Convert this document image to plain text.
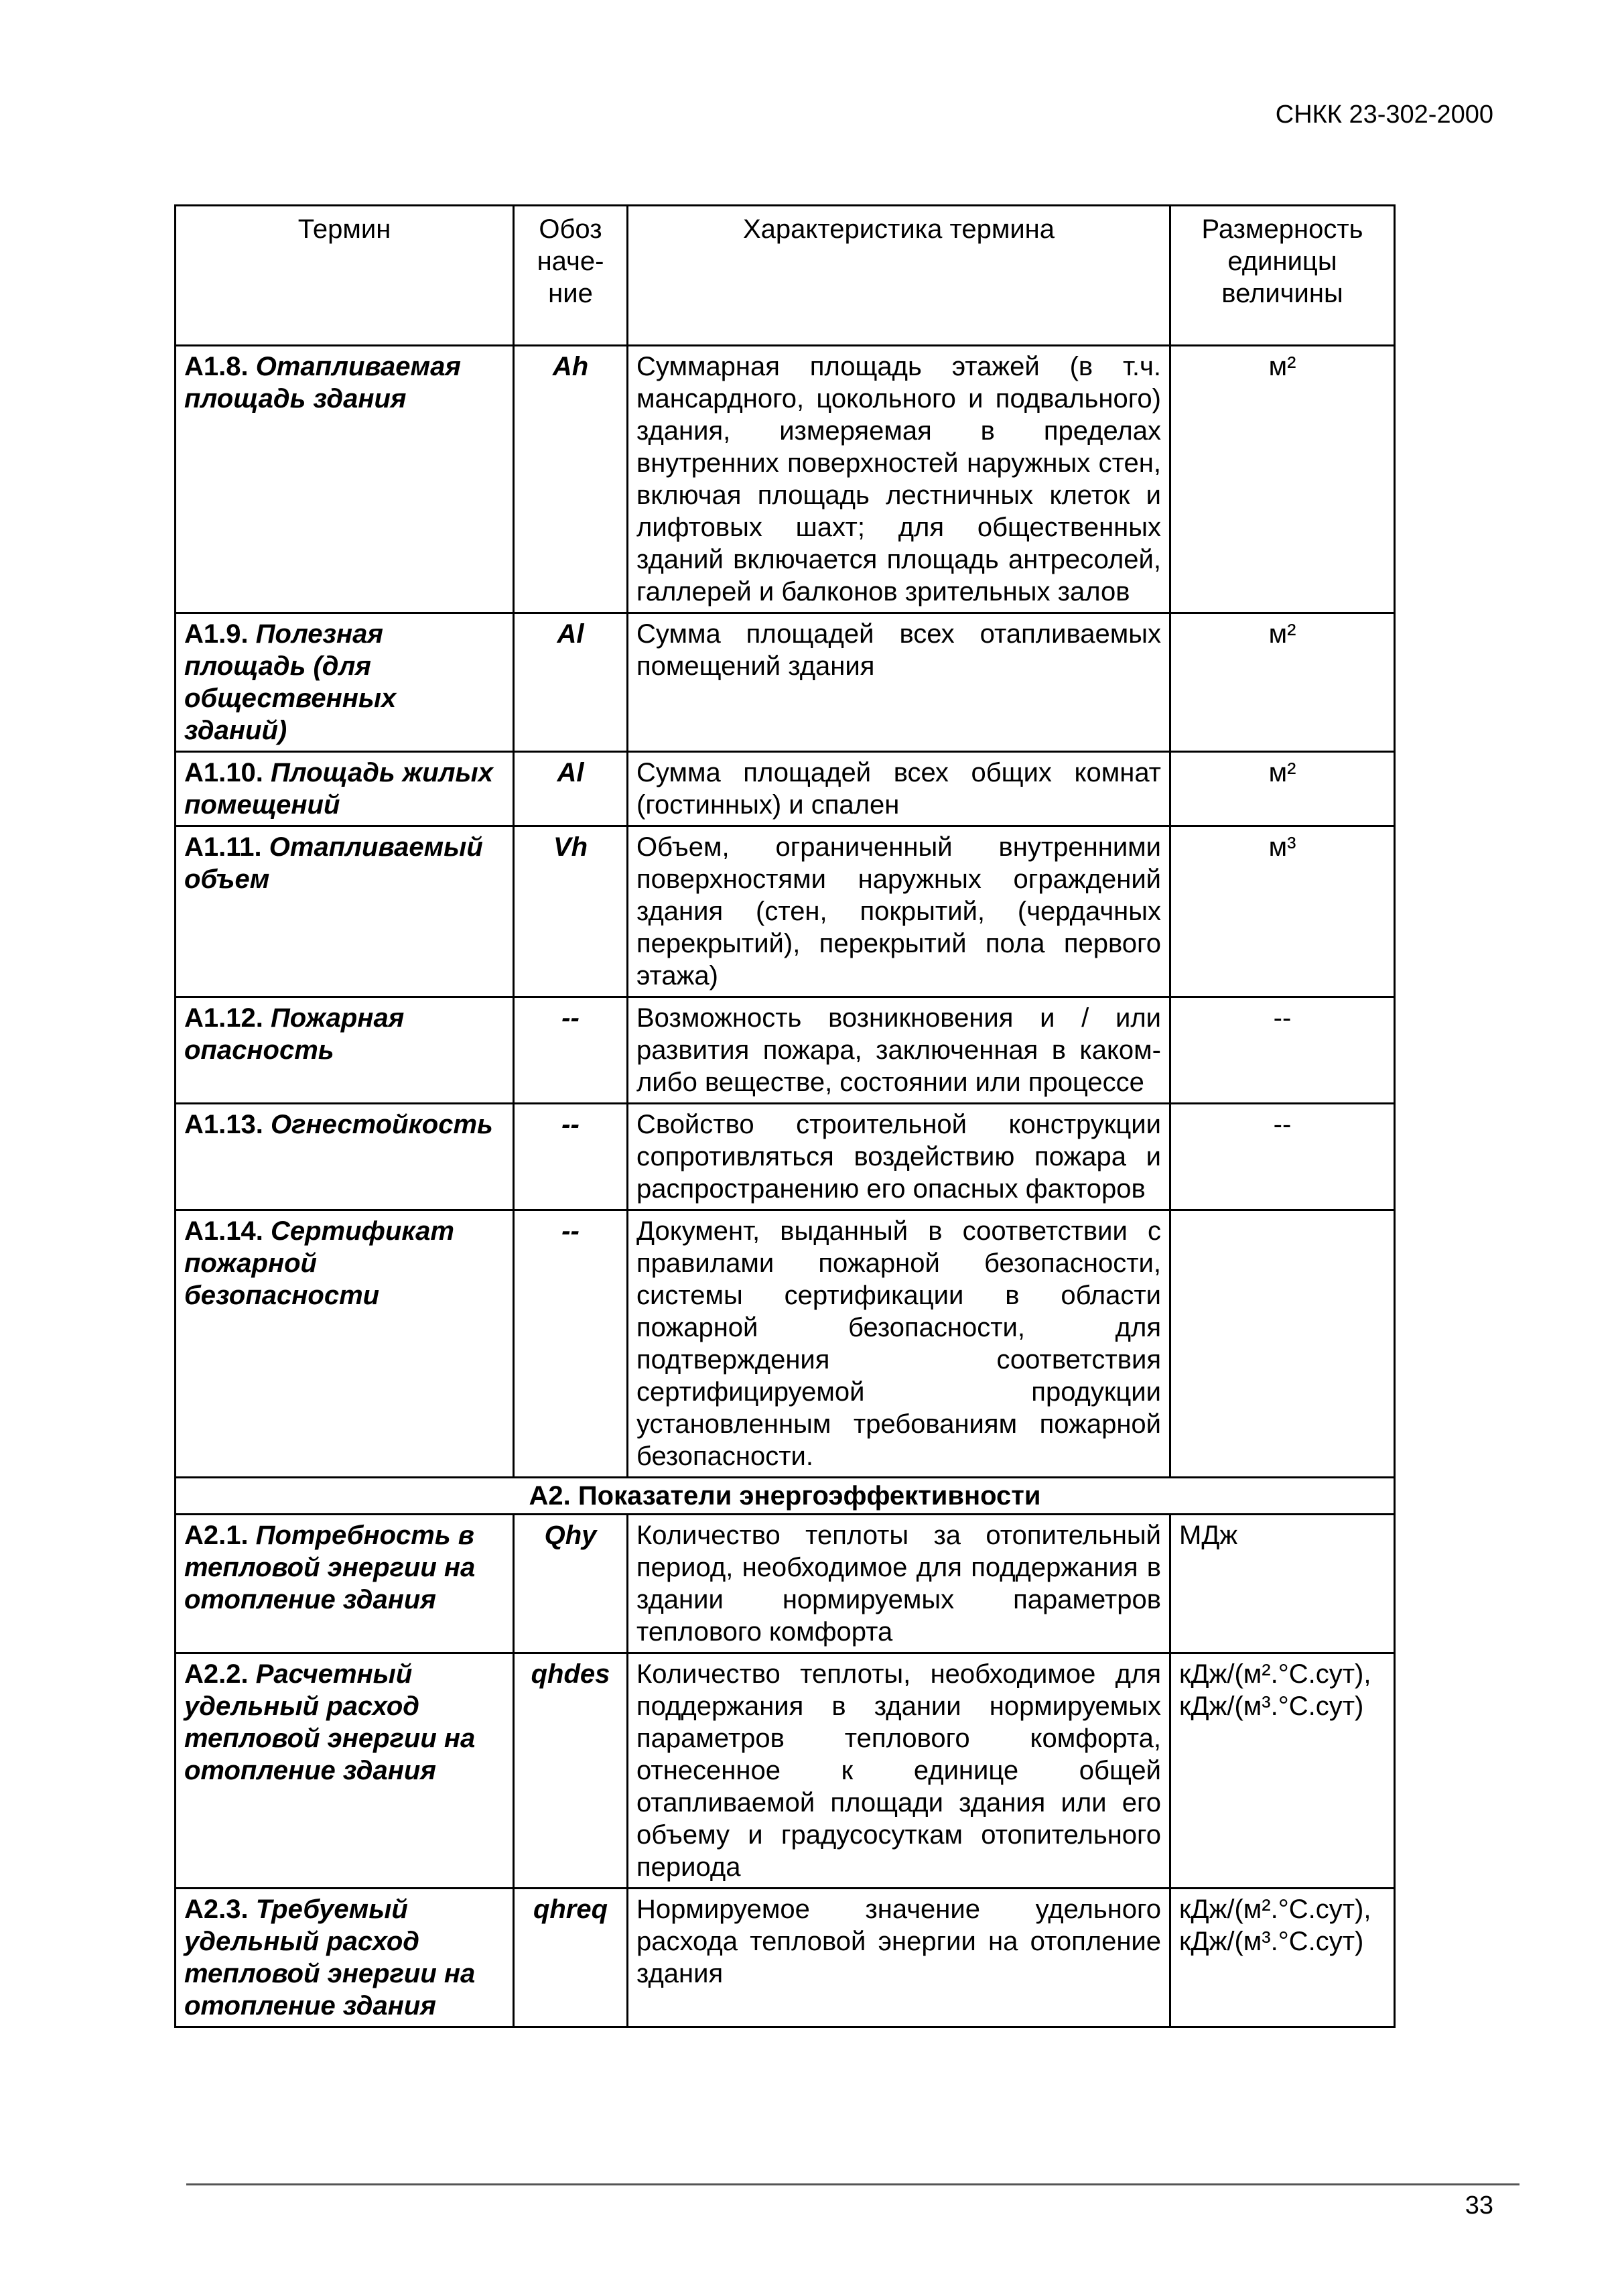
СНКК 23-302-2000
Термин	Обоз наче- ние	Характеристика термина	Размерность единицы величины
А1.8. Отапливаемая площадь здания	Ah	Суммарная площадь этажей (в т.ч. мансардного, цокольного и подвального) здания, измеряемая в пределах внутренних поверхностей наружных стен, включая площадь лестничных клеток и лифтовых шахт; для общественных зданий включается площадь антресолей, галлерей и балконов зрительных залов	м²
А1.9. Полезная площадь (для общественных зданий)	Al	Сумма площадей всех отапливаемых помещений здания	м²
А1.10. Площадь жилых помещений	Al	Сумма площадей всех общих комнат (гостинных) и спален	м²
А1.11. Отапливаемый объем	Vh	Объем, ограниченный внутренними поверхностями наружных ограждений здания (стен, покрытий, (чердачных перекрытий), перекрытий пола первого этажа)	м³
А1.12. Пожарная опасность	--	Возможность возникновения и / или развития пожара, заключенная в каком-либо веществе, состоянии или процессе	--
А1.13. Огнестойкость	--	Свойство строительной конструкции сопротивляться воздействию пожара и распространению его опасных факторов	--
А1.14. Сертификат пожарной безопасности	--	Документ, выданный в соответствии с правилами пожарной безопасности, системы сертификации в области пожарной безопасности, для подтверждения соответствия сертифицируемой продукции установленным требованиям пожарной безопасности.	
А2. Показатели энергоэффективности			
А2.1. Потребность в тепловой энергии на отопление здания	Qhy	Количество теплоты за отопительный период, необходимое для поддержания в здании нормируемых параметров теплового комфорта	МДж
А2.2. Расчетный удельный расход тепловой энергии на отопление здания	qhdes	Количество теплоты, необходимое для поддержания в здании нормируемых параметров теплового комфорта, отнесенное к единице общей отапливаемой площади здания или его объему и градусосуткам отопительного периода	кДж/(м².°С.сут), кДж/(м³.°С.сут)
А2.3. Требуемый удельный расход тепловой энергии на отопление здания	qhreq	Нормируемое значение удельного расхода тепловой энергии на отопление здания	кДж/(м².°С.сут), кДж/(м³.°С.сут)
33
